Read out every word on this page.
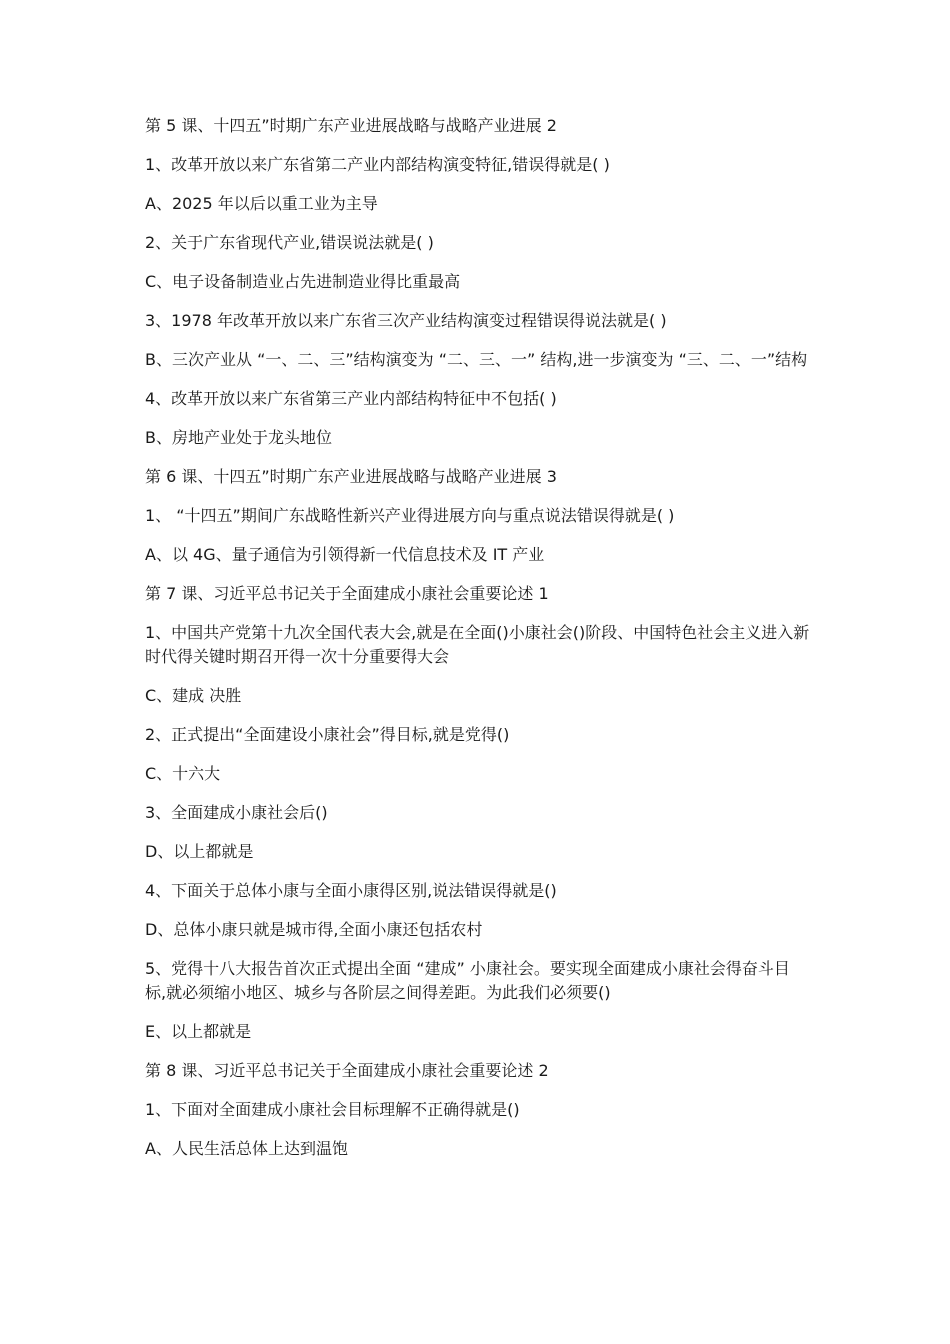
第 5 课、十四五”时期广东产业进展战略与战略产业进展 2

1、改革开放以来广东省第二产业内部结构演变特征,错误得就是( )

A、2025 年以后以重工业为主导

2、关于广东省现代产业,错误说法就是( )

C、电子设备制造业占先进制造业得比重最高

3、1978 年改革开放以来广东省三次产业结构演变过程错误得说法就是( )

B、三次产业从 “一、二、三”结构演变为 “二、三、一” 结构,进一步演变为 “三、二、一”结构

4、改革开放以来广东省第三产业内部结构特征中不包括( )

B、房地产业处于龙头地位

第 6 课、十四五”时期广东产业进展战略与战略产业进展 3

1、 “十四五”期间广东战略性新兴产业得进展方向与重点说法错误得就是( )

A、以 4G、量子通信为引领得新一代信息技术及 IT 产业

第 7 课、习近平总书记关于全面建成小康社会重要论述 1

1、中国共产党第十九次全国代表大会,就是在全面()小康社会()阶段、中国特色社会主义进入新时代得关键时期召开得一次十分重要得大会

C、建成 决胜

2、正式提出“全面建设小康社会”得目标,就是党得()

C、十六大

3、全面建成小康社会后()

D、以上都就是

4、下面关于总体小康与全面小康得区别,说法错误得就是()

D、总体小康只就是城市得,全面小康还包括农村

5、党得十八大报告首次正式提出全面 “建成” 小康社会。要实现全面建成小康社会得奋斗目标,就必须缩小地区、城乡与各阶层之间得差距。为此我们必须要()

E、以上都就是

第 8 课、习近平总书记关于全面建成小康社会重要论述 2

1、下面对全面建成小康社会目标理解不正确得就是()

A、人民生活总体上达到温饱
